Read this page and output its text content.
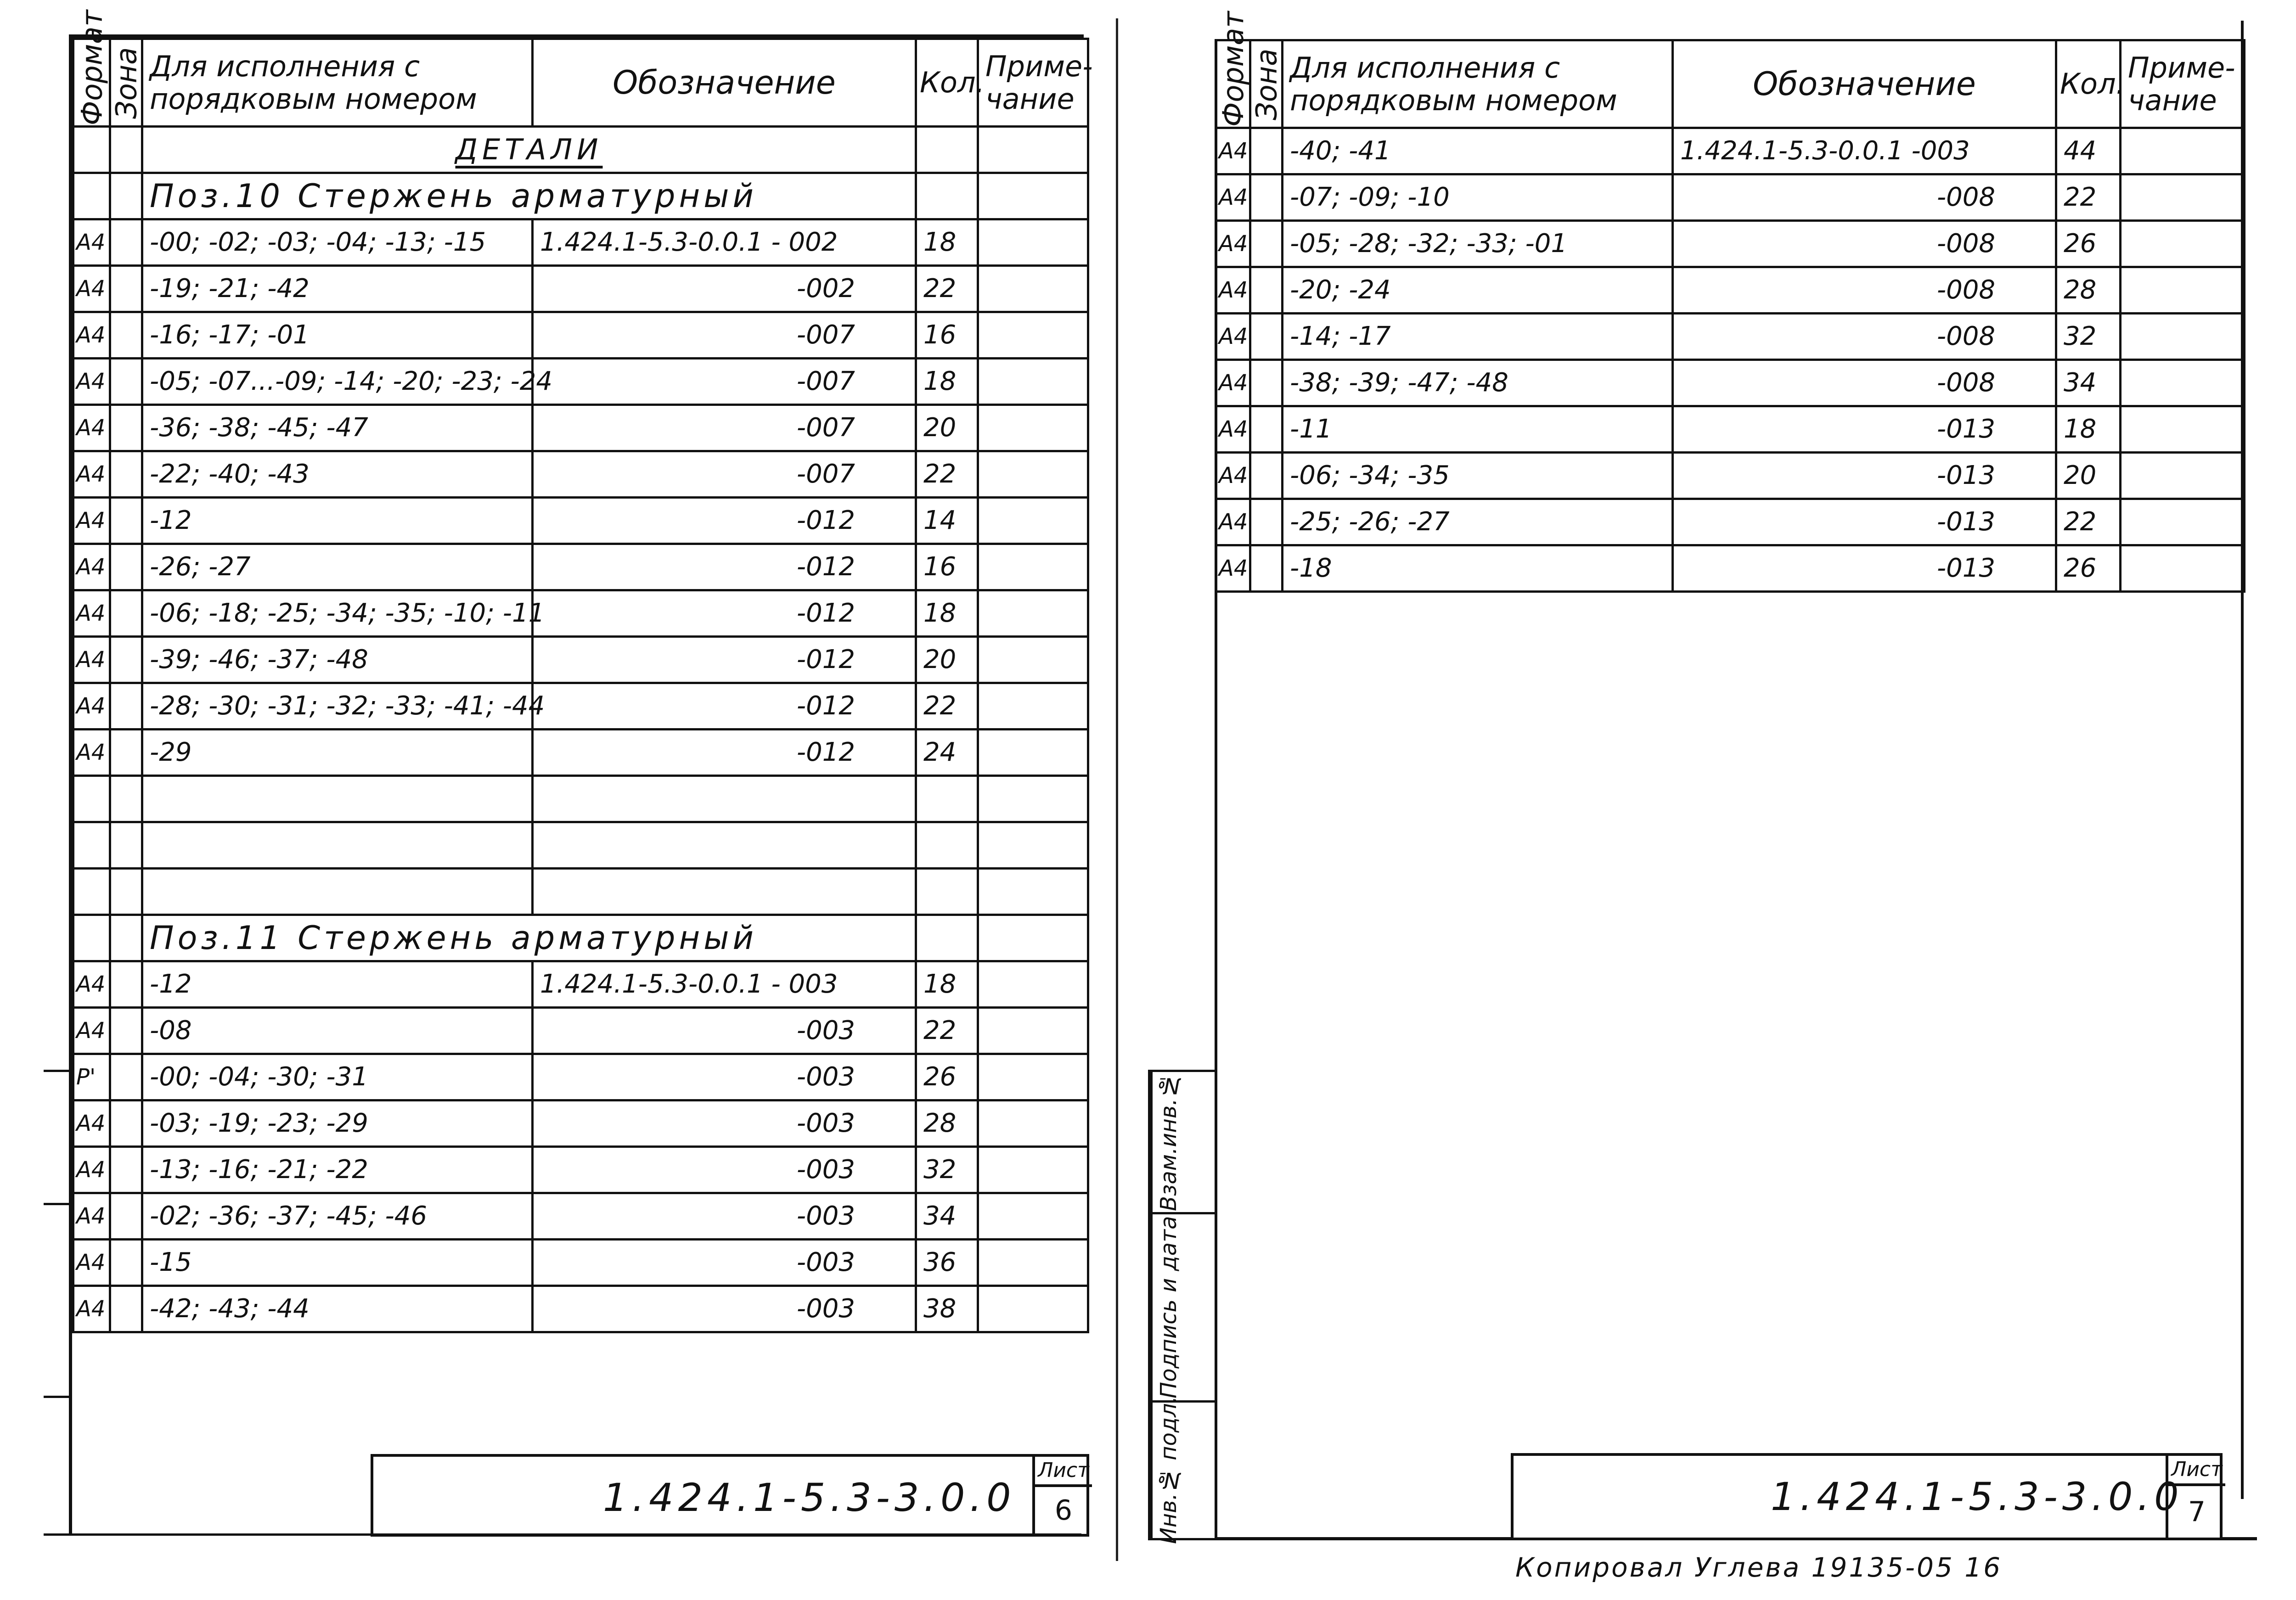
Формат	Зона	Для исполнения с порядковым номером	Обозначение	Кол.	Приме-чание
		ДЕТАЛИ			
		Поз.10 Стержень арматурный			
A4		-00; -02; -03; -04; -13; -15	1.424.1-5.3-0.0.1 - 002	18	
A4		-19; -21; -42	-002	22	
A4		-16; -17; -01	-007	16	
A4		-05; -07...-09; -14; -20; -23; -24	-007	18	
A4		-36; -38; -45; -47	-007	20	
A4		-22; -40; -43	-007	22	
A4		-12	-012	14	
A4		-26; -27	-012	16	
A4		-06; -18; -25; -34; -35; -10; -11	-012	18	
A4		-39; -46; -37; -48	-012	20	
A4		-28; -30; -31; -32; -33; -41; -44	-012	22	
A4		-29	-012	24	

		Поз.11 Стержень арматурный			
A4		-12	1.424.1-5.3-0.0.1 - 003	18	
A4		-08	-003	22	
P'		-00; -04; -30; -31	-003	26	
A4		-03; -19; -23; -29	-003	28	
A4		-13; -16; -21; -22	-003	32	
A4		-02; -36; -37; -45; -46	-003	34	
A4		-15	-003	36	
A4		-42; -43; -44	-003	38	
1.424.1-5.3-3.0.0
Лист
6
Формат	Зона	Для исполнения с порядковым номером	Обозначение	Кол.	Приме-чание
A4		-40; -41	1.424.1-5.3-0.0.1 -003	44	
A4		-07; -09; -10	-008	22	
A4		-05; -28; -32; -33; -01	-008	26	
A4		-20; -24	-008	28	
A4		-14; -17	-008	32	
A4		-38; -39; -47; -48	-008	34	
A4		-11	-013	18	
A4		-06; -34; -35	-013	20	
A4		-25; -26; -27	-013	22	
A4		-18	-013	26	
Взам.инв.№
Подпись и дата
Инв.№ подл.	1.424.1-5.3-3.0.0
Лист
7
Копировал Углева 19135-05 16
